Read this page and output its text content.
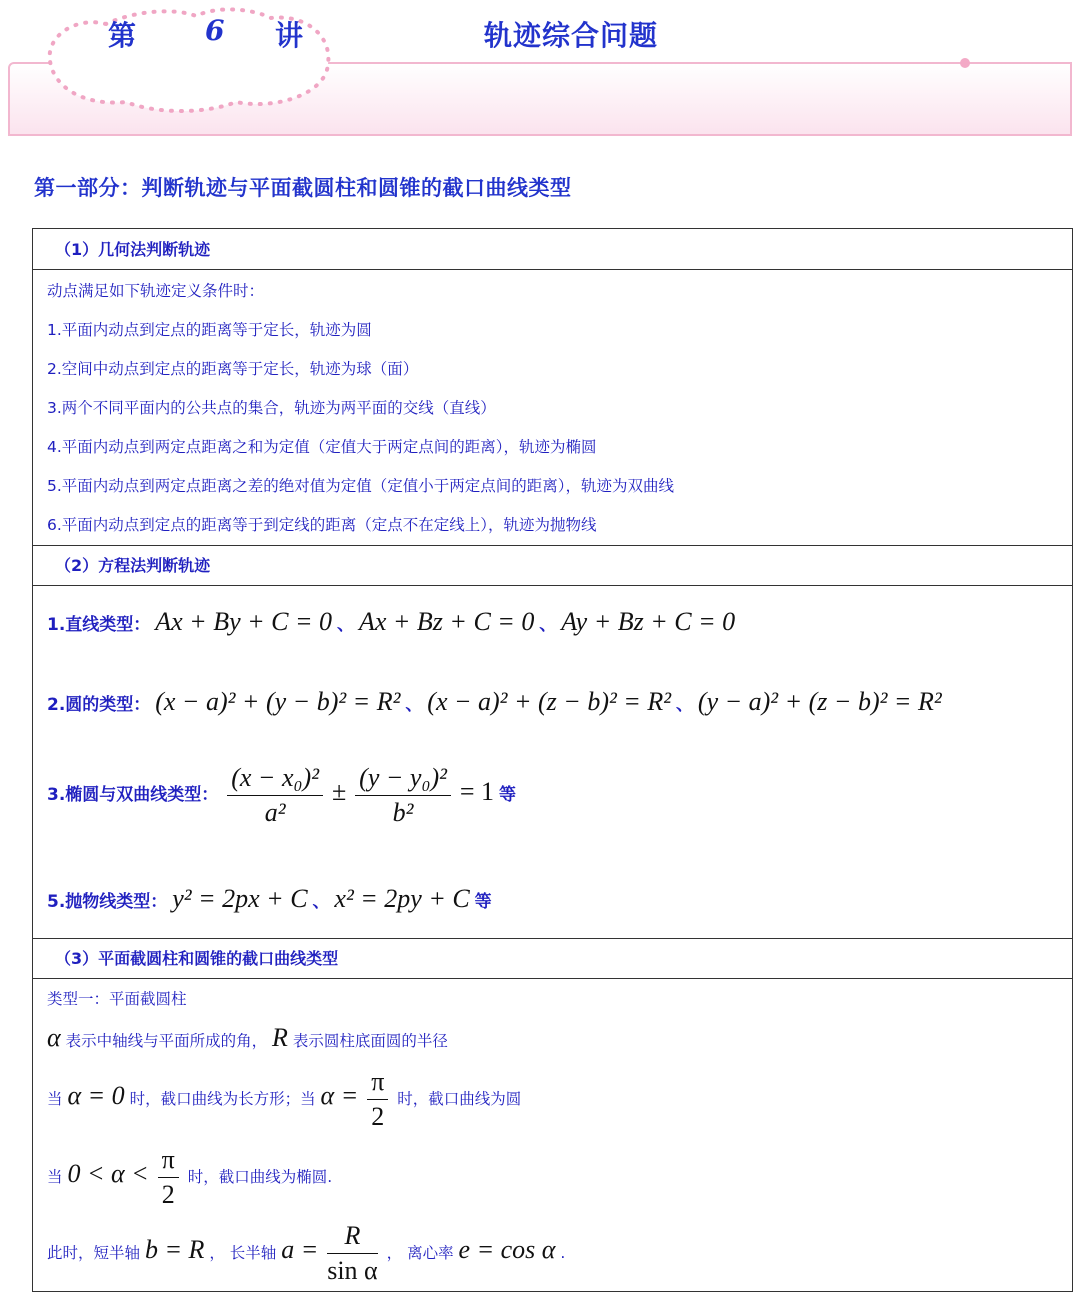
第 6 讲	轨迹综合问题
第一部分：判断轨迹与平面截圆柱和圆锥的截口曲线类型
（1）几何法判断轨迹
动点满足如下轨迹定义条件时：
1.平面内动点到定点的距离等于定长，轨迹为圆
2.空间中动点到定点的距离等于定长，轨迹为球（面）
3.两个不同平面内的公共点的集合，轨迹为两平面的交线（直线）
4.平面内动点到两定点距离之和为定值（定值大于两定点间的距离），轨迹为椭圆
5.平面内动点到两定点距离之差的绝对值为定值（定值小于两定点间的距离），轨迹为双曲线
6.平面内动点到定点的距离等于到定线的距离（定点不在定线上），轨迹为抛物线
（2）方程法判断轨迹
1.直线类型： Ax + By + C = 0 、 Ax + Bz + C = 0 、 Ay + Bz + C = 0
2.圆的类型： (x − a)² + (y − b)² = R² 、 (x − a)² + (z − b)² = R² 、 (y − a)² + (z − b)² = R²
3.椭圆与双曲线类型： $\frac{\text{(x − x₀)²}}{\text{a²}} \pm \frac{\text{(y − y₀)²}}{\text{b²}} = 1$ 等
5.抛物线类型： y² = 2px + C 、 x² = 2py + C 等
（3）平面截圆柱和圆锥的截口曲线类型
类型一：平面截圆柱
α 表示中轴线与平面所成的角， R 表示圆柱底面圆的半径
当 α = 0 时，截口曲线为长方形；当 $\alpha = \frac{\pi}{2}$ 时，截口曲线为圆
当 $0 < \alpha < \frac{\pi}{2}$ 时，截口曲线为椭圆.
此时，短半轴 b = R ， 长半轴 $a = \frac{R}{\text{sin α}}$ ， 离心率 e = cos α .
